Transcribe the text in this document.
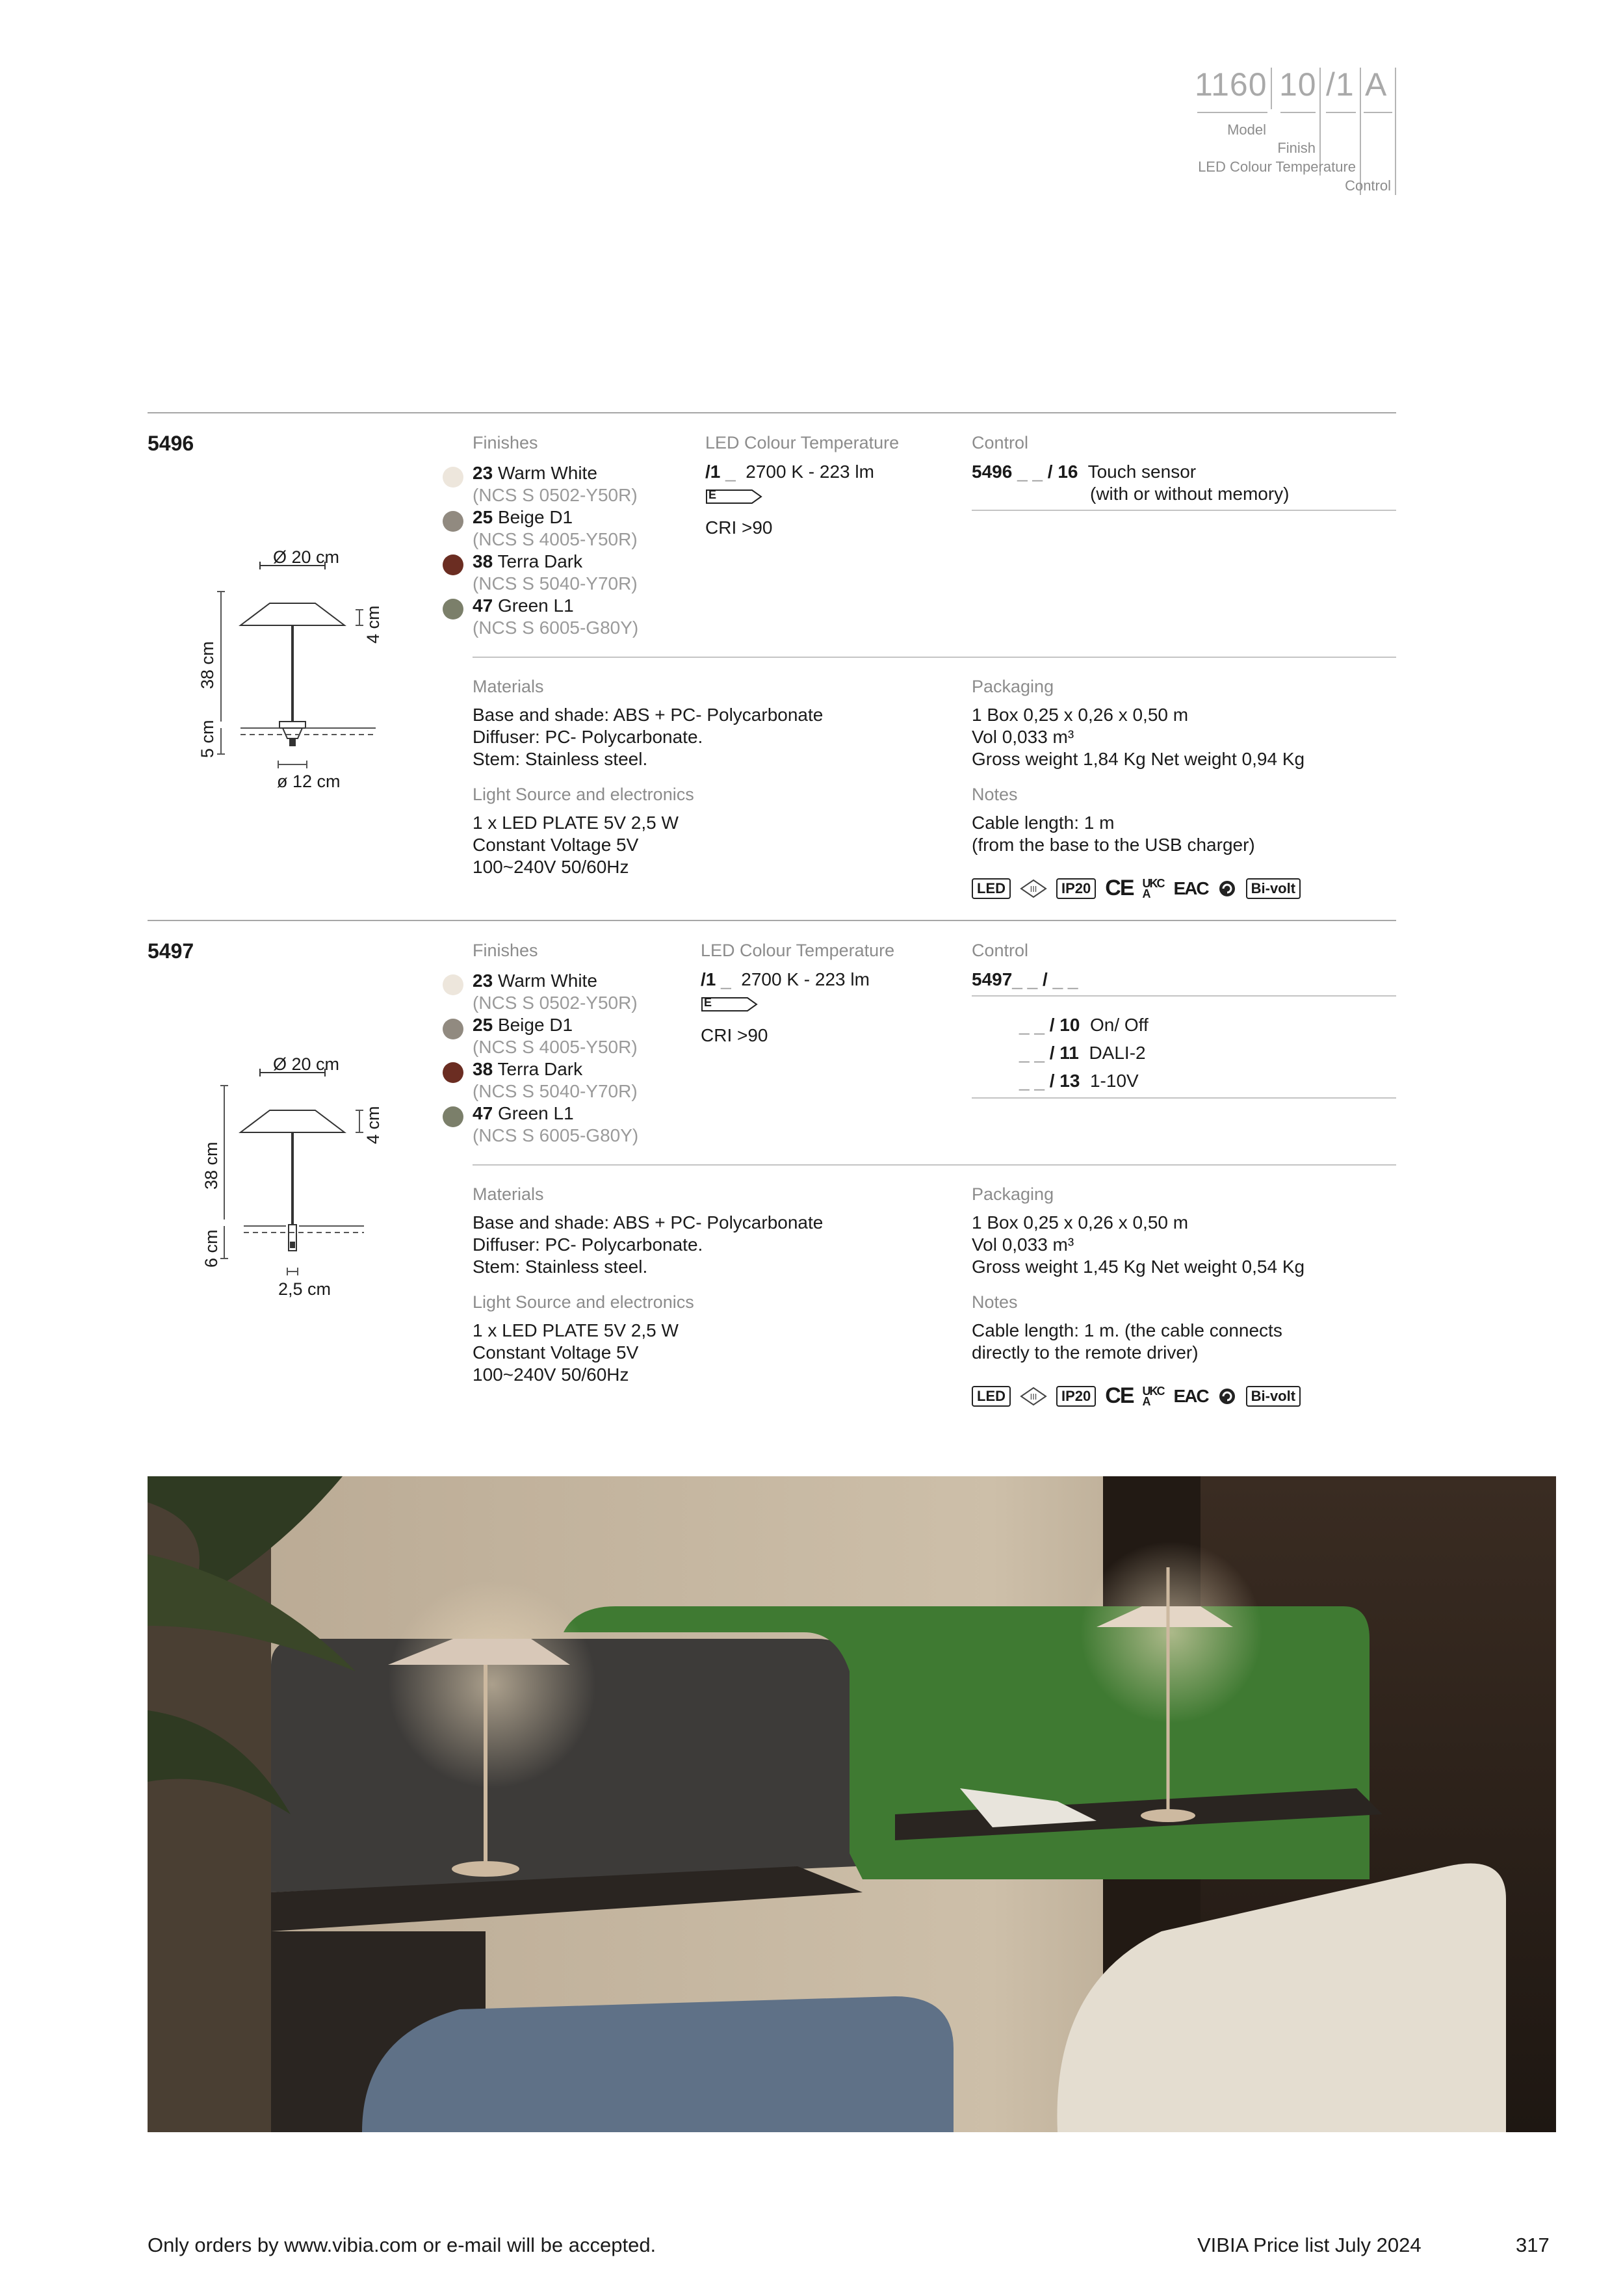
1160 10 /1 A
Model
Finish
LED Colour Temperature
Control
5496
Ø 20 cm
4 cm
38 cm
5 cm
ø 12 cm
Finishes
23 Warm White
(NCS S 0502-Y50R)
25 Beige D1
(NCS S 4005-Y50R)
38 Terra Dark
(NCS S 5040-Y70R)
47 Green L1
(NCS S 6005-G80Y)
LED Colour Temperature
/1 _ 2700 K - 223 lm
E
CRI >90
Control
5496 _ _ / 16 Touch sensor
(with or without memory)
Materials
Base and shade: ABS + PC- Polycarbonate
Diffuser: PC- Polycarbonate.
Stem: Stainless steel.
Light Source and electronics
1 x LED PLATE 5V 2,5 W
Constant Voltage 5V
100~240V 50/60Hz
Packaging
1 Box 0,25 x 0,26 x 0,50 m
Vol 0,033 m³
Gross weight 1,84 Kg Net weight 0,94 Kg
Notes
Cable length: 1 m
(from the base to the USB charger)
LED	III	IP20 CE UKCA	EAC	Bi-volt
5497
Ø 20 cm
4 cm
38 cm
6 cm
2,5 cm
Finishes
23 Warm White
(NCS S 0502-Y50R)
25 Beige D1
(NCS S 4005-Y50R)
38 Terra Dark
(NCS S 5040-Y70R)
47 Green L1
(NCS S 6005-G80Y)
LED Colour Temperature
/1 _ 2700 K - 223 lm
E
CRI >90
Control
5497_ _ / _ _
_ _ / 10 On/ Off
_ _ / 11 DALI-2
_ _ / 13 1-10V
Materials
Base and shade: ABS + PC- Polycarbonate
Diffuser: PC- Polycarbonate.
Stem: Stainless steel.
Light Source and electronics
1 x LED PLATE 5V 2,5 W
Constant Voltage 5V
100~240V 50/60Hz
Packaging
1 Box 0,25 x 0,26 x 0,50 m
Vol 0,033 m³
Gross weight 1,45 Kg Net weight 0,54 Kg
Notes
Cable length: 1 m. (the cable connects
directly to the remote driver)
LED	III	IP20 CE UKCA	EAC	Bi-volt
Only orders by www.vibia.com or e-mail will be accepted.	VIBIA Price list July 2024	317
